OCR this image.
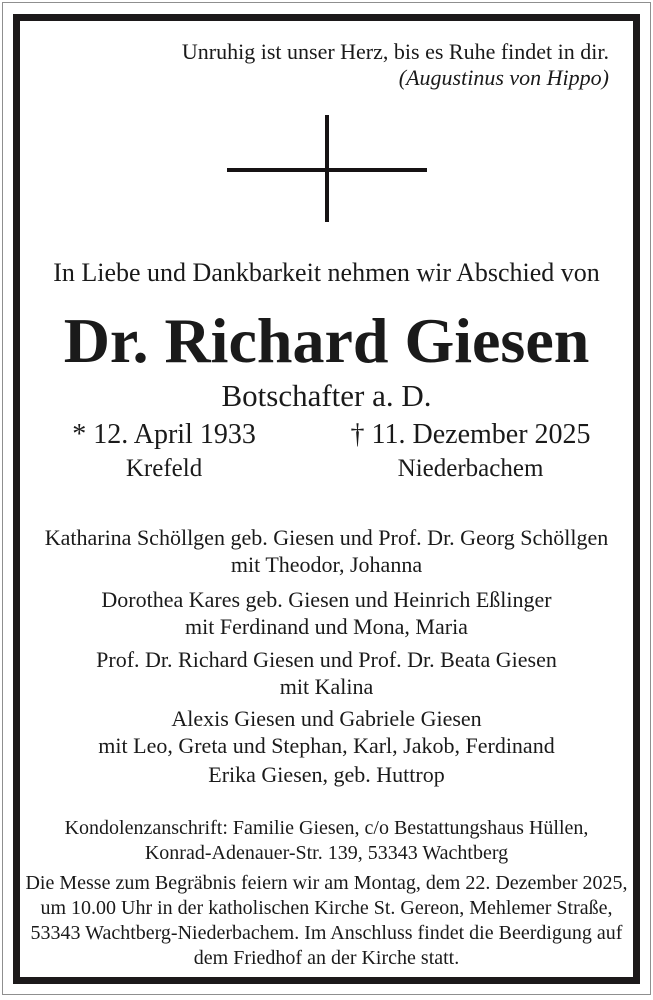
Unruhig ist unser Herz, bis es Ruhe findet in dir.
(Augustinus von Hippo)
In Liebe und Dankbarkeit nehmen wir Abschied von
Dr. Richard Giesen
Botschafter a. D.
* 12. April 1933
Krefeld
† 11. Dezember 2025
Niederbachem
Katharina Schöllgen geb. Giesen und Prof. Dr. Georg Schöllgen
mit Theodor, Johanna
Dorothea Kares geb. Giesen und Heinrich Eßlinger
mit Ferdinand und Mona, Maria
Prof. Dr. Richard Giesen und Prof. Dr. Beata Giesen
mit Kalina
Alexis Giesen und Gabriele Giesen
mit Leo, Greta und Stephan, Karl, Jakob, Ferdinand
Erika Giesen, geb. Huttrop
Kondolenzanschrift: Familie Giesen, c/o Bestattungshaus Hüllen,
Konrad-Adenauer-Str. 139, 53343 Wachtberg
Die Messe zum Begräbnis feiern wir am Montag, dem 22. Dezember 2025,
um 10.00 Uhr in der katholischen Kirche St. Gereon, Mehlemer Straße,
53343 Wachtberg-Niederbachem. Im Anschluss findet die Beerdigung auf
dem Friedhof an der Kirche statt.
